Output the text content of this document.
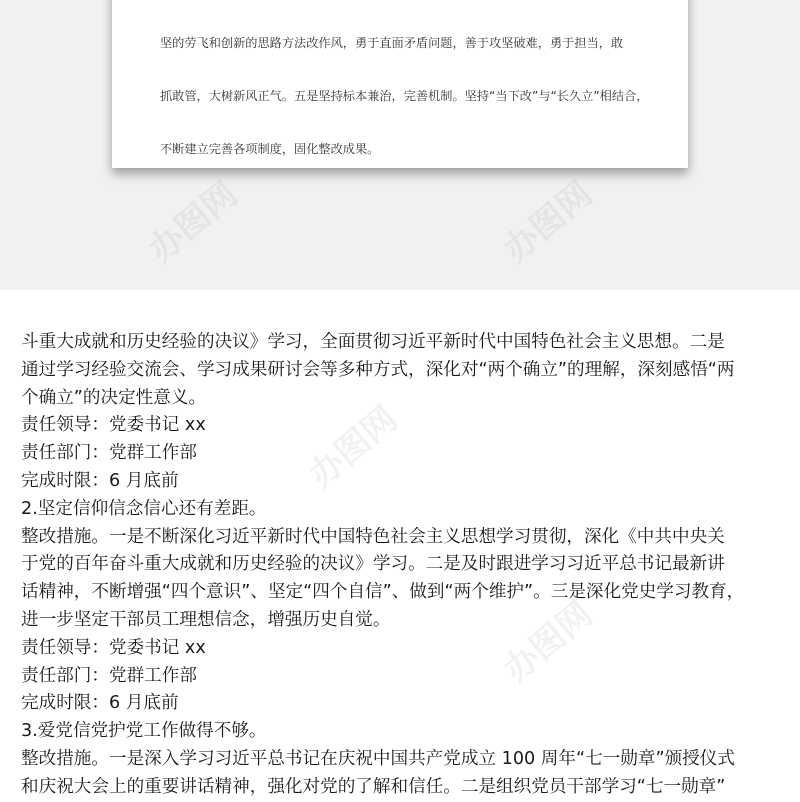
坚的劳飞和创新的思路方法改作风，勇于直面矛盾问题，善于攻坚破难，勇于担当，敢

抓敢管，大树新风正气。五是坚持标本兼治，完善机制。坚持“当下改”与“长久立”相结合，

不断建立完善各项制度，固化整改成果。

办图网
办图网
斗重大成就和历史经验的决议》学习，全面贯彻习近平新时代中国特色社会主义思想。二是
通过学习经验交流会、学习成果研讨会等多种方式，深化对“两个确立”的理解，深刻感悟“两
个确立”的决定性意义。
责任领导：党委书记 xx
责任部门：党群工作部
完成时限：6 月底前
2.坚定信仰信念信心还有差距。
整改措施。一是不断深化习近平新时代中国特色社会主义思想学习贯彻，深化《中共中央关
于党的百年奋斗重大成就和历史经验的决议》学习。二是及时跟进学习习近平总书记最新讲
话精神，不断增强“四个意识”、坚定“四个自信”、做到“两个维护”。三是深化党史学习教育，
进一步坚定干部员工理想信念，增强历史自觉。
责任领导：党委书记 xx
责任部门：党群工作部
完成时限：6 月底前
3.爱党信党护党工作做得不够。
整改措施。一是深入学习习近平总书记在庆祝中国共产党成立 100 周年“七一勋章”颁授仪式
和庆祝大会上的重要讲话精神，强化对党的了解和信任。二是组织党员干部学习“七一勋章”
